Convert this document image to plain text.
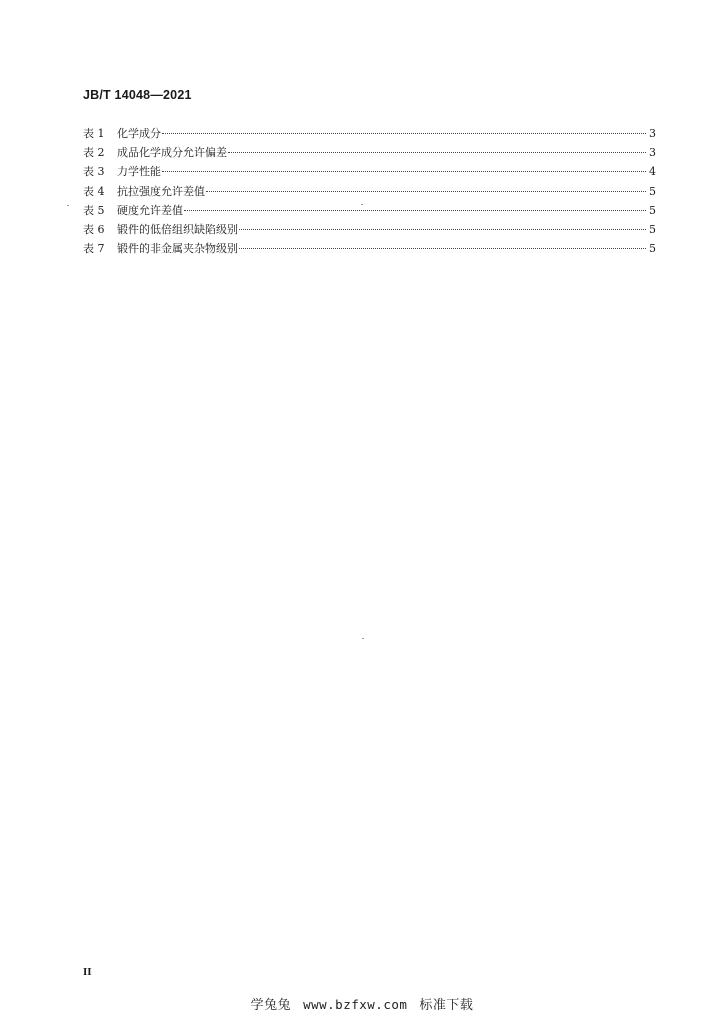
JB/T 14048—2021
表 1	化学成分	3
表 2	成品化学成分允许偏差	3
表 3	力学性能	4
表 4	抗拉强度允许差值	5
表 5	硬度允许差值	5
表 6	锻件的低倍组织缺陷级别	5
表 7	锻件的非金属夹杂物级别	5
II
学兔兔 www.bzfxw.com 标准下载
